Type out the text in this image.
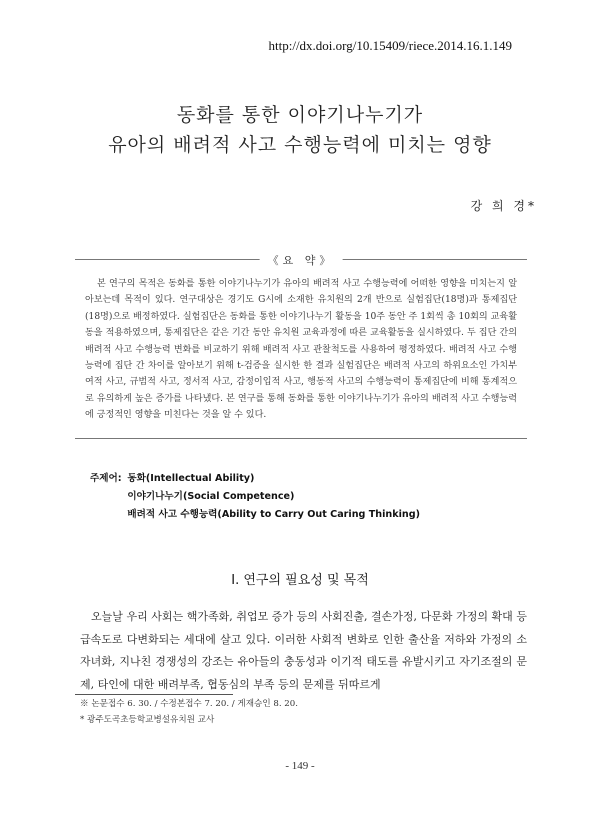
http://dx.doi.org/10.15409/riece.2014.16.1.149
동화를 통한 이야기나누기가
유아의 배려적 사고 수행능력에 미치는 영향
강 희 경*
《요 약》
본 연구의 목적은 동화를 통한 이야기나누기가 유아의 배려적 사고 수행능력에 어떠한 영향을 미치는지 알아보는데 목적이 있다. 연구대상은 경기도 G시에 소재한 유치원의 2개 반으로 실험집단(18명)과 통제집단(18명)으로 배정하였다. 실험집단은 동화를 통한 이야기나누기 활동을 10주 동안 주 1회씩 총 10회의 교육활동을 적용하였으며, 통제집단은 같은 기간 동안 유치원 교육과정에 따른 교육활동을 실시하였다. 두 집단 간의 배려적 사고 수행능력 변화를 비교하기 위해 배려적 사고 관찰척도를 사용하여 평정하였다. 배려적 사고 수행능력에 집단 간 차이를 알아보기 위해 t-검증을 실시한 한 결과 실험집단은 배려적 사고의 하위요소인 가치부여적 사고, 규범적 사고, 정서적 사고, 감정이입적 사고, 행동적 사고의 수행능력이 통제집단에 비해 통계적으로 유의하게 높은 증가를 나타냈다. 본 연구를 통해 동화를 통한 이야기나누기가 유아의 배려적 사고 수행능력에 긍정적인 영향을 미친다는 것을 알 수 있다.
주제어: 동화(Intellectual Ability)
이야기나누기(Social Competence)
배려적 사고 수행능력(Ability to Carry Out Caring Thinking)
Ⅰ. 연구의 필요성 및 목적
오늘날 우리 사회는 핵가족화, 취업모 증가 등의 사회진출, 결손가정, 다문화 가정의 확대 등 급속도로 다변화되는 세대에 살고 있다. 이러한 사회적 변화로 인한 출산율 저하와 가정의 소자녀화, 지나친 경쟁성의 강조는 유아들의 충동성과 이기적 태도를 유발시키고 자기조절의 문제, 타인에 대한 배려부족, 협동심의 부족 등의 문제를 뒤따르게
※ 논문접수 6. 30. / 수정본접수 7. 20. / 게재승인 8. 20.
* 광주도곡초등학교병설유치원 교사
- 149 -
